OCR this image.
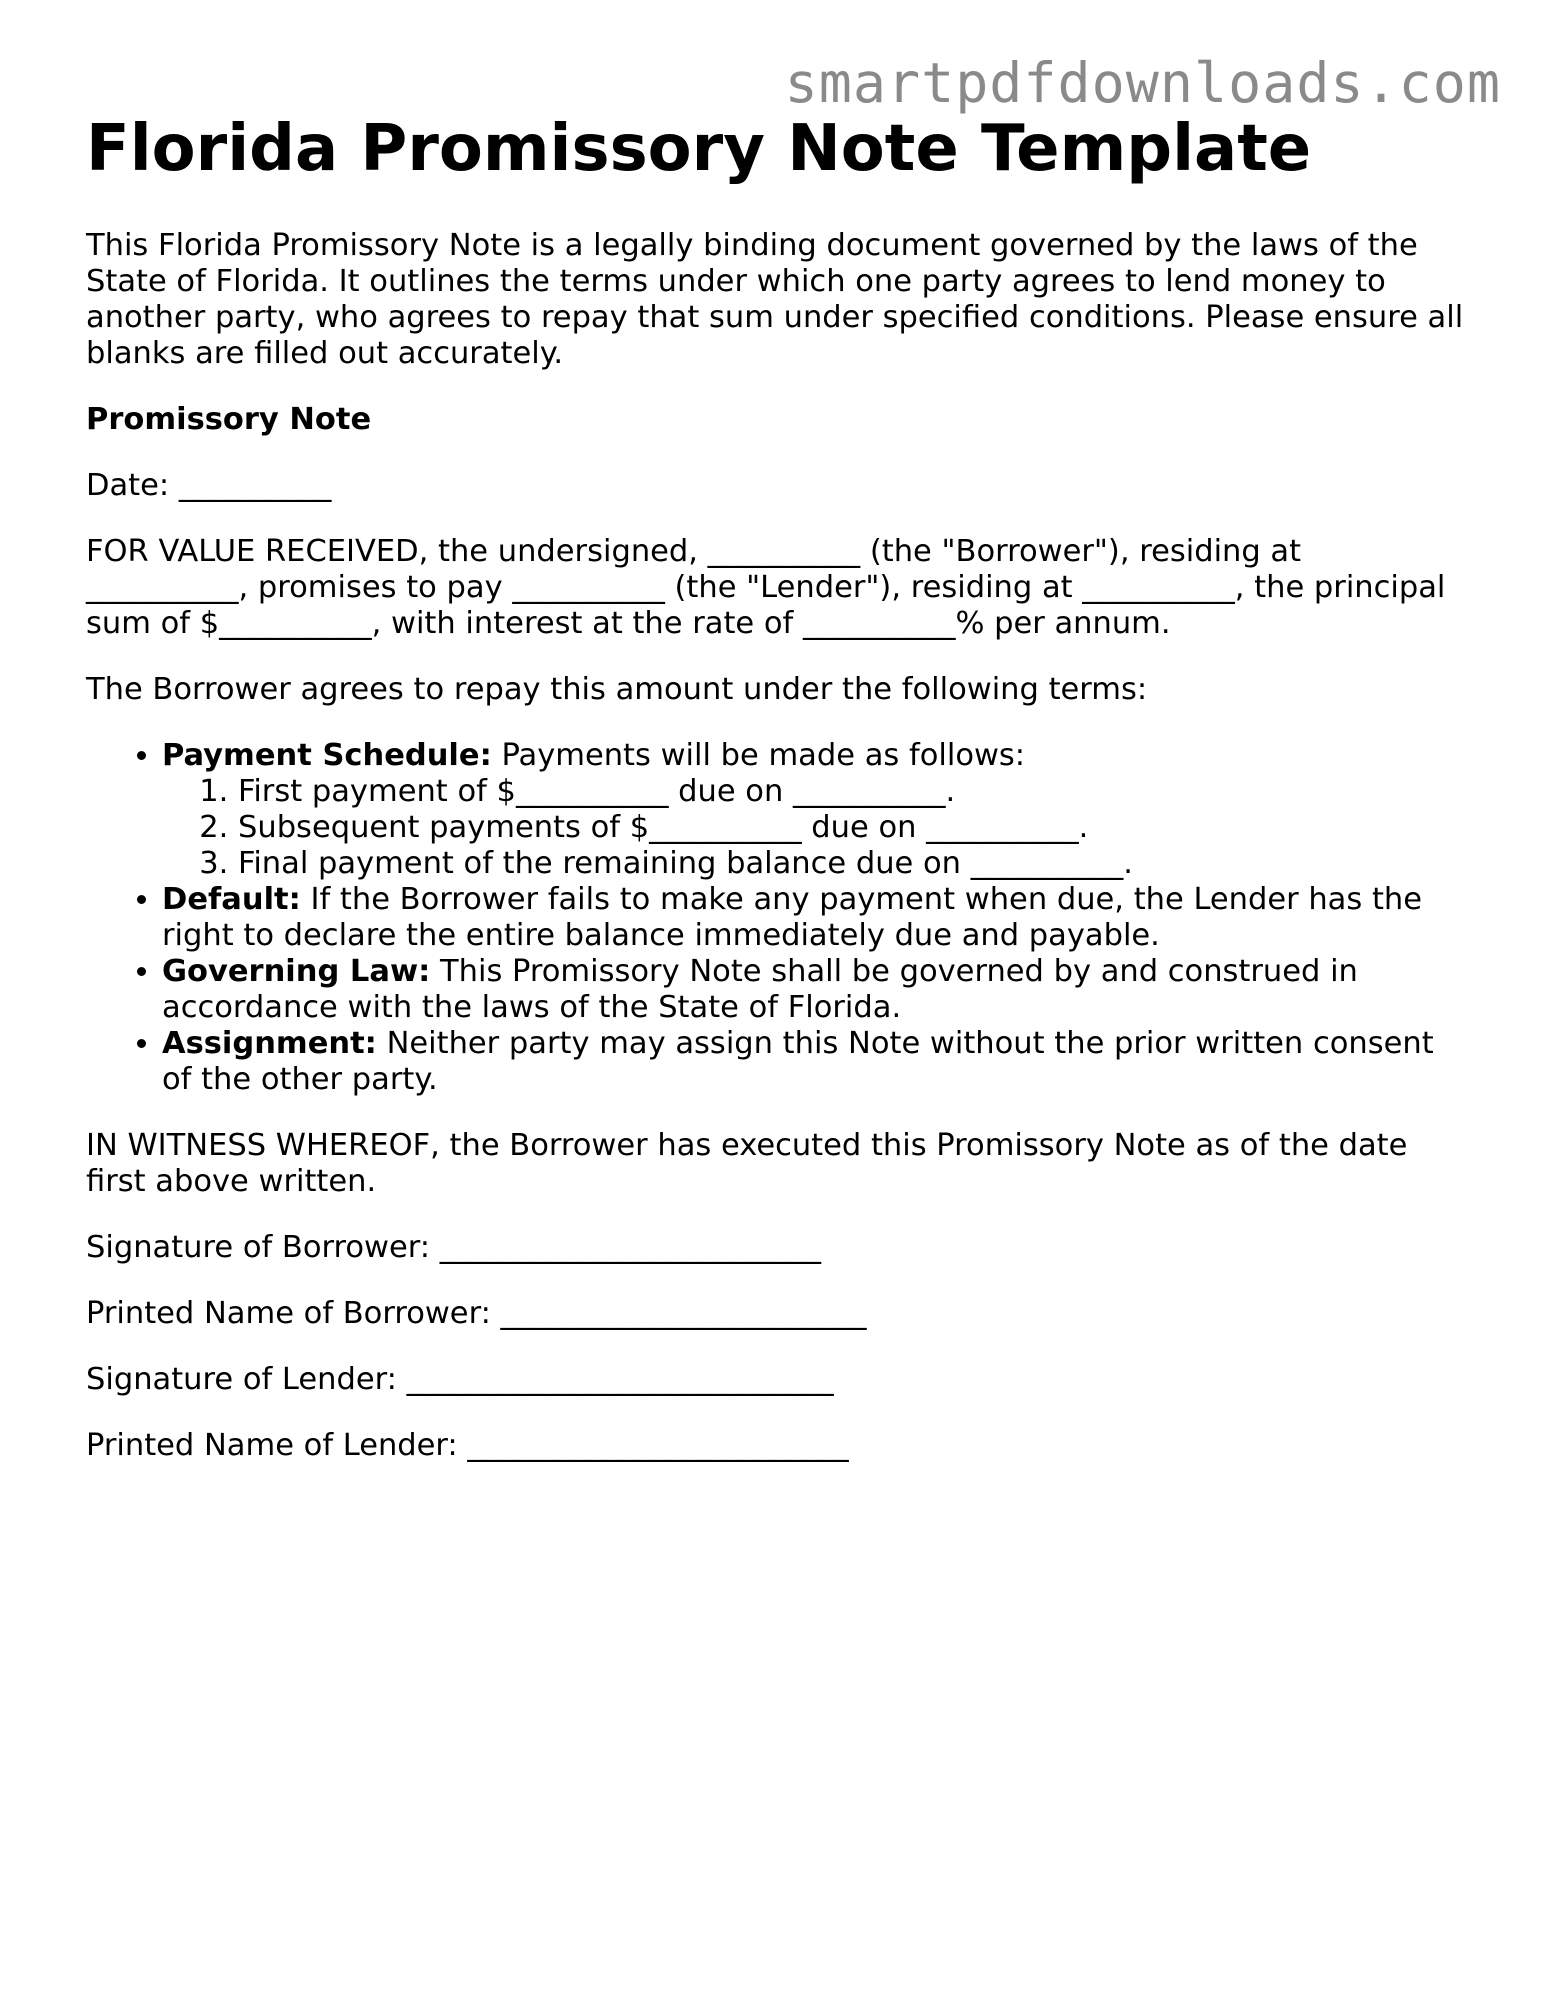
smartpdfdownloads.com
Florida Promissory Note Template

This Florida Promissory Note is a legally binding document governed by the laws of the State of Florida. It outlines the terms under which one party agrees to lend money to another party, who agrees to repay that sum under specified conditions. Please ensure all blanks are filled out accurately.

Promissory Note

Date: __________

FOR VALUE RECEIVED, the undersigned, __________ (the "Borrower"), residing at __________, promises to pay __________ (the "Lender"), residing at __________, the principal sum of $__________, with interest at the rate of __________% per annum.

The Borrower agrees to repay this amount under the following terms:

• Payment Schedule: Payments will be made as follows:
1. First payment of $__________ due on __________.
2. Subsequent payments of $__________ due on __________.
3. Final payment of the remaining balance due on __________.
• Default: If the Borrower fails to make any payment when due, the Lender has the right to declare the entire balance immediately due and payable.
• Governing Law: This Promissory Note shall be governed by and construed in accordance with the laws of the State of Florida.
• Assignment: Neither party may assign this Note without the prior written consent of the other party.

IN WITNESS WHEREOF, the Borrower has executed this Promissory Note as of the date first above written.

Signature of Borrower: _________________________

Printed Name of Borrower: ________________________

Signature of Lender: ____________________________

Printed Name of Lender: _________________________
